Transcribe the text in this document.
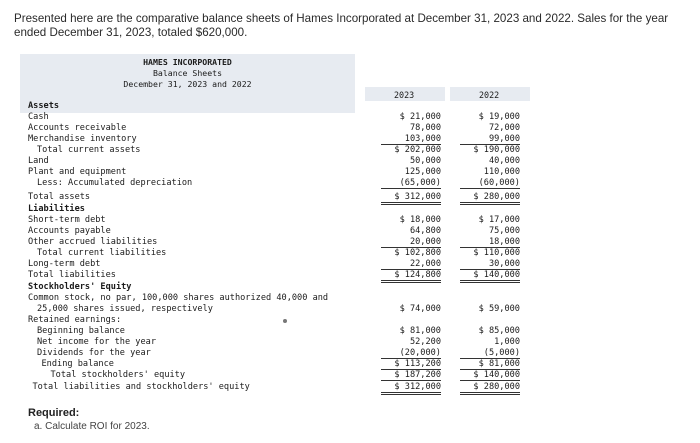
Presented here are the comparative balance sheets of Hames Incorporated at December 31, 2023 and 2022. Sales for the year ended December 31, 2023, totaled $620,000.
HAMES INCORPORATED
Balance Sheets
December 31, 2023 and 2022
2023	2022
Assets
Cash	$ 21,000	$ 19,000
Accounts receivable	78,000	72,000
Merchandise inventory	103,000	99,000
Total current assets	$ 202,000	$ 190,000
Land	50,000	40,000
Plant and equipment	125,000	110,000
Less: Accumulated depreciation	(65,000)	(60,000)
Total assets	$ 312,000	$ 280,000
Liabilities
Short-term debt	$ 18,000	$ 17,000
Accounts payable	64,800	75,000
Other accrued liabilities	20,000	18,000
Total current liabilities	$ 102,800	$ 110,000
Long-term debt	22,000	30,000
Total liabilities	$ 124,800	$ 140,000
Stockholders' Equity
Common stock, no par, 100,000 shares authorized 40,000 and
25,000 shares issued, respectively	$ 74,000	$ 59,000
Retained earnings:
Beginning balance	$ 81,000	$ 85,000
Net income for the year	52,200	1,000
Dividends for the year	(20,000)	(5,000)
Ending balance	$ 113,200	$ 81,000
Total stockholders' equity	$ 187,200	$ 140,000
Total liabilities and stockholders' equity	$ 312,000	$ 280,000
Required:
a. Calculate ROI for 2023.
